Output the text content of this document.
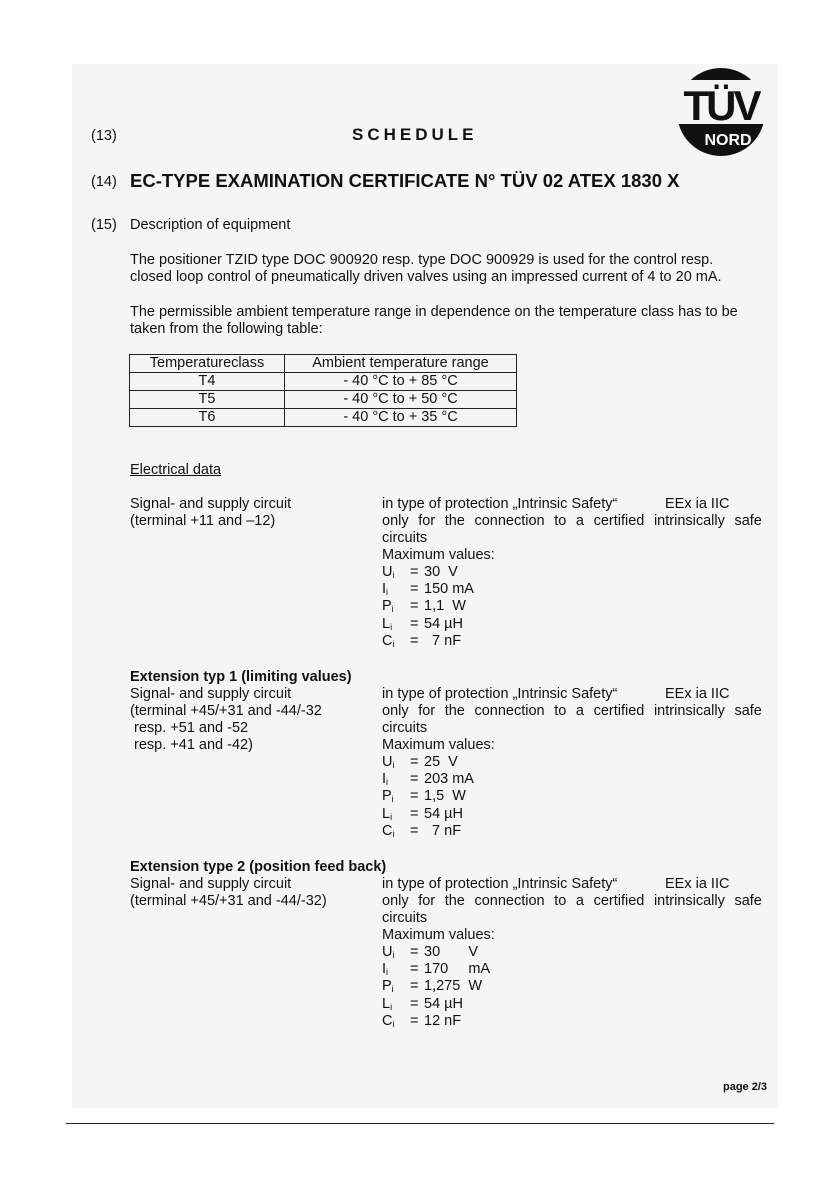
TÜV
NORD
(13)	SCHEDULE
(14) EC-TYPE EXAMINATION CERTIFICATE N° TÜV 02 ATEX 1830 X
(15) Description of equipment
The positioner TZID type DOC 900920 resp. type DOC 900929 is used for the control resp.
closed loop control of pneumatically driven valves using an impressed current of 4 to 20 mA.
The permissible ambient temperature range in dependence on the temperature class has to be
taken from the following table:
Temperatureclass	Ambient temperature range
T4	- 40 °C to + 85 °C
T5	- 40 °C to + 50 °C
T6	- 40 °C to + 35 °C
Electrical data
Signal- and supply circuit
(terminal +11 and –12)
in type of protection „Intrinsic Safety“	EEx ia IIC
only for the connection to a certified intrinsically safe
circuits
Maximum values:
Extension typ 1 (limiting values)
Signal- and supply circuit
(terminal +45/+31 and -44/-32
resp. +51 and -52
resp. +41 and -42)
in type of protection „Intrinsic Safety“	EEx ia IIC
only for the connection to a certified intrinsically safe
circuits
Maximum values:
Extension type 2 (position feed back)
Signal- and supply circuit
(terminal +45/+31 and -44/-32)
in type of protection „Intrinsic Safety“	EEx ia IIC
only for the connection to a certified intrinsically safe
circuits
Maximum values:
page 2/3
$U_i = 30$  V
$I_i = 150$ mA
$P_i = 1,1$  W
$L_i = 54$ µH
$C_i = 7$ nF
$U_i = 25$  V
$I_i = 203$ mA
$P_i = 1,5$  W
$L_i = 54$ µH
$C_i = 7$ nF
$U_i = 30$       V
$I_i = 170$     mA
$P_i = 1,275$  W
$L_i = 54$ µH
$C_i = 12$ nF
